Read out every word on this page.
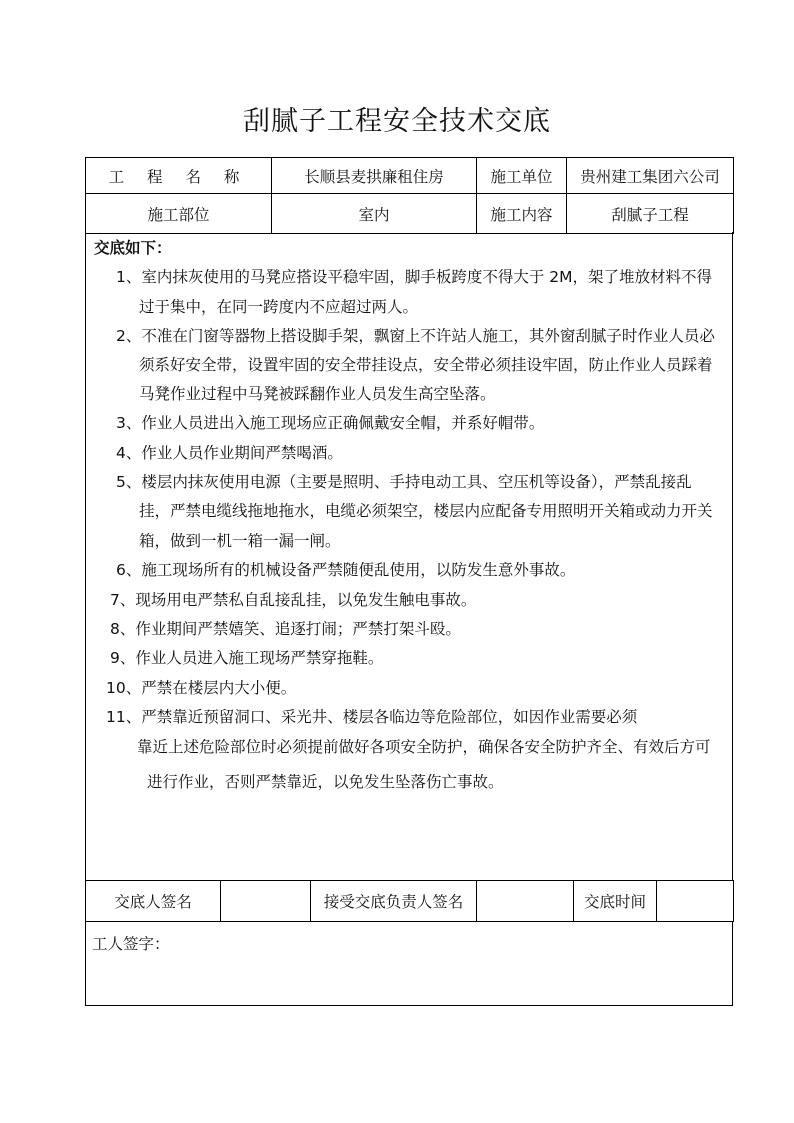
刮腻子工程安全技术交底
工 程 名 称	长顺县麦拱廉租住房	施工单位	贵州建工集团六公司
施工部位	室内	施工内容	刮腻子工程
交底如下：
1、室内抹灰使用的马凳应搭设平稳牢固，脚手板跨度不得大于 2M，架了堆放材料不得
过于集中，在同一跨度内不应超过两人。
2、不准在门窗等器物上搭设脚手架，飘窗上不许站人施工，其外窗刮腻子时作业人员必
须系好安全带，设置牢固的安全带挂设点，安全带必须挂设牢固，防止作业人员踩着
马凳作业过程中马凳被踩翻作业人员发生高空坠落。
3、作业人员进出入施工现场应正确佩戴安全帽，并系好帽带。
4、作业人员作业期间严禁喝酒。
5、楼层内抹灰使用电源（主要是照明、手持电动工具、空压机等设备），严禁乱接乱
挂，严禁电缆线拖地拖水，电缆必须架空，楼层内应配备专用照明开关箱或动力开关
箱，做到一机一箱一漏一闸。
6、施工现场所有的机械设备严禁随便乱使用，以防发生意外事故。
7、现场用电严禁私自乱接乱挂，以免发生触电事故。
8、作业期间严禁嬉笑、追逐打闹；严禁打架斗殴。
9、作业人员进入施工现场严禁穿拖鞋。
10、严禁在楼层内大小便。
11、严禁靠近预留洞口、采光井、楼层各临边等危险部位，如因作业需要必须
靠近上述危险部位时必须提前做好各项安全防护，确保各安全防护齐全、有效后方可
进行作业，否则严禁靠近，以免发生坠落伤亡事故。
交底人签名		接受交底负责人签名		交底时间	
工人签字：
